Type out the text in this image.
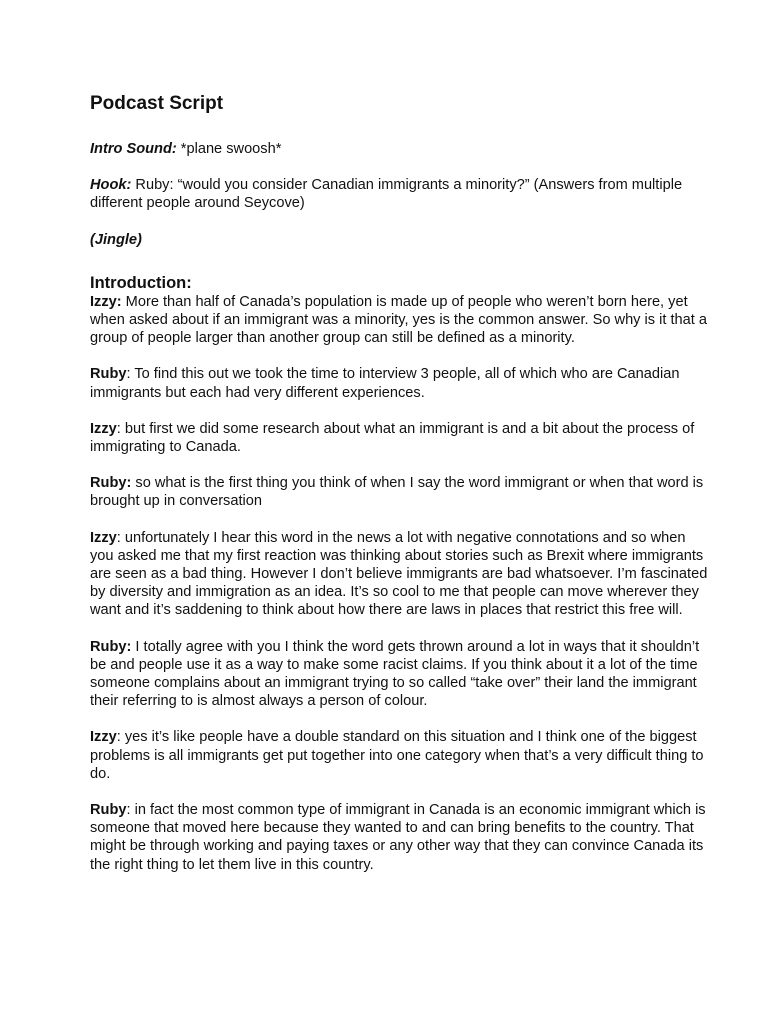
Podcast Script

Intro Sound: *plane swoosh*

Hook: Ruby: “would you consider Canadian immigrants a minority?” (Answers from multiple different people around Seycove)

(Jingle)

Introduction:

Izzy: More than half of Canada’s population is made up of people who weren’t born here, yet when asked about if an immigrant was a minority, yes is the common answer. So why is it that a group of people larger than another group can still be defined as a minority.

Ruby: To find this out we took the time to interview 3 people, all of which who are Canadian immigrants but each had very different experiences.

Izzy: but first we did some research about what an immigrant is and a bit about the process of immigrating to Canada.

Ruby: so what is the first thing you think of when I say the word immigrant or when that word is brought up in conversation

Izzy: unfortunately I hear this word in the news a lot with negative connotations and so when you asked me that my first reaction was thinking about stories such as Brexit where immigrants are seen as a bad thing. However I don’t believe immigrants are bad whatsoever. I’m fascinated by diversity and immigration as an idea. It’s so cool to me that people can move wherever they want and it’s saddening to think about how there are laws in places that restrict this free will.

Ruby: I totally agree with you I think the word gets thrown around a lot in ways that it shouldn’t be and people use it as a way to make some racist claims. If you think about it a lot of the time someone complains about an immigrant trying to so called “take over” their land the immigrant their referring to is almost always a person of colour.

Izzy: yes it’s like people have a double standard on this situation and I think one of the biggest problems is all immigrants get put together into one category when that’s a very difficult thing to do.

Ruby: in fact the most common type of immigrant in Canada is an economic immigrant which is someone that moved here because they wanted to and can bring benefits to the country. That might be through working and paying taxes or any other way that they can convince Canada its the right thing to let them live in this country.
